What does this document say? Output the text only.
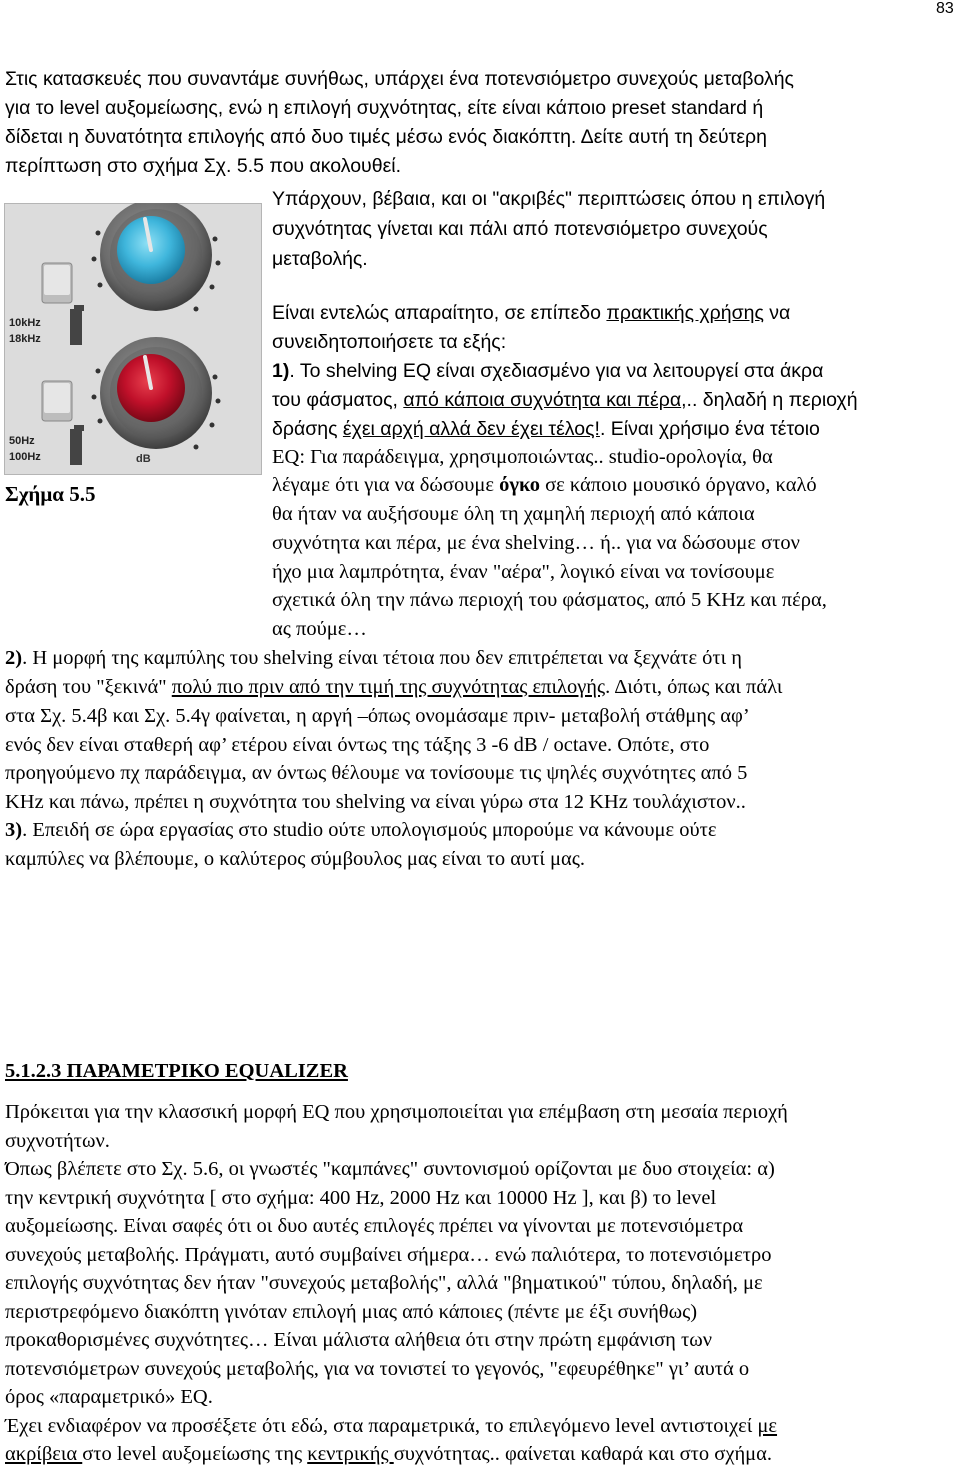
83
Στις κατασκευές που συναντάμε συνήθως, υπάρχει ένα ποτενσιόμετρο συνεχούς μεταβολής
για το level αυξομείωσης, ενώ η επιλογή συχνότητας, είτε είναι κάποιο preset standard ή
δίδεται η δυνατότητα επιλογής από δυο τιμές μέσω ενός διακόπτη. Δείτε αυτή τη δεύτερη
περίπτωση στο σχήμα Σχ. 5.5 που ακολουθεί.
10kHz
18kHz
50Hz
100Hz	dB
Σχήμα 5.5
Υπάρχουν, βέβαια, και οι "ακριβές" περιπτώσεις όπου η επιλογή
συχνότητας γίνεται και πάλι από ποτενσιόμετρο συνεχούς
μεταβολής.
Είναι εντελώς απαραίτητο, σε επίπεδο πρακτικής χρήσης να
συνειδητοποιήσετε τα εξής:
1). Το shelving EQ είναι σχεδιασμένο για να λειτουργεί στα άκρα
του φάσματος, από κάποια συχνότητα και πέρα,.. δηλαδή η περιοχή
δράσης έχει αρχή αλλά δεν έχει τέλος!. Είναι χρήσιμο ένα τέτοιο
EQ: Για παράδειγμα, χρησιμοποιώντας.. studio-ορολογία, θα
λέγαμε ότι για να δώσουμε όγκο σε κάποιο μουσικό όργανο, καλό
θα ήταν να αυξήσουμε όλη τη χαμηλή περιοχή από κάποια
συχνότητα και πέρα, με ένα shelving… ή.. για να δώσουμε στον
ήχο μια λαμπρότητα, έναν "αέρα", λογικό είναι να τονίσουμε
σχετικά όλη την πάνω περιοχή του φάσματος, από 5 KHz και πέρα,
ας πούμε…
2). Η μορφή της καμπύλης του shelving είναι τέτοια που δεν επιτρέπεται να ξεχνάτε ότι η
δράση του "ξεκινά" πολύ πιο πριν από την τιμή της συχνότητας επιλογής. Διότι, όπως και πάλι
στα Σχ. 5.4β και Σχ. 5.4γ φαίνεται, η αργή –όπως ονομάσαμε πριν- μεταβολή στάθμης αφ’
ενός δεν είναι σταθερή αφ’ ετέρου είναι όντως της τάξης 3 -6 dB / octave. Οπότε, στο
προηγούμενο πχ παράδειγμα, αν όντως θέλουμε να τονίσουμε τις ψηλές συχνότητες από 5
KHz και πάνω, πρέπει η συχνότητα του shelving να είναι γύρω στα 12 KHz τουλάχιστον..
3). Επειδή σε ώρα εργασίας στο studio ούτε υπολογισμούς μπορούμε να κάνουμε ούτε
καμπύλες να βλέπουμε, ο καλύτερος σύμβουλος μας είναι το αυτί μας.
5.1.2.3 ΠΑΡΑΜΕΤΡΙΚΟ EQUALIZER
Πρόκειται για την κλασσική μορφή EQ που χρησιμοποιείται για επέμβαση στη μεσαία περιοχή
συχνοτήτων.
Όπως βλέπετε στο Σχ. 5.6, οι γνωστές "καμπάνες" συντονισμού ορίζονται με δυο στοιχεία: α)
την κεντρική συχνότητα [ στο σχήμα: 400 Hz, 2000 Hz και 10000 Hz ], και β) το level
αυξομείωσης. Είναι σαφές ότι οι δυο αυτές επιλογές πρέπει να γίνονται με ποτενσιόμετρα
συνεχούς μεταβολής. Πράγματι, αυτό συμβαίνει σήμερα… ενώ παλιότερα, το ποτενσιόμετρο
επιλογής συχνότητας δεν ήταν "συνεχούς μεταβολής", αλλά "βηματικού" τύπου, δηλαδή, με
περιστρεφόμενο διακόπτη γινόταν επιλογή μιας από κάποιες (πέντε με έξι συνήθως)
προκαθορισμένες συχνότητες… Είναι μάλιστα αλήθεια ότι στην πρώτη εμφάνιση των
ποτενσιόμετρων συνεχούς μεταβολής, για να τονιστεί το γεγονός, "εφευρέθηκε" γι’ αυτά ο
όρος «παραμετρικό» EQ.
Έχει ενδιαφέρον να προσέξετε ότι εδώ, στα παραμετρικά, το επιλεγόμενο level αντιστοιχεί με
ακρίβεια στο level αυξομείωσης της κεντρικής συχνότητας.. φαίνεται καθαρά και στο σχήμα.
